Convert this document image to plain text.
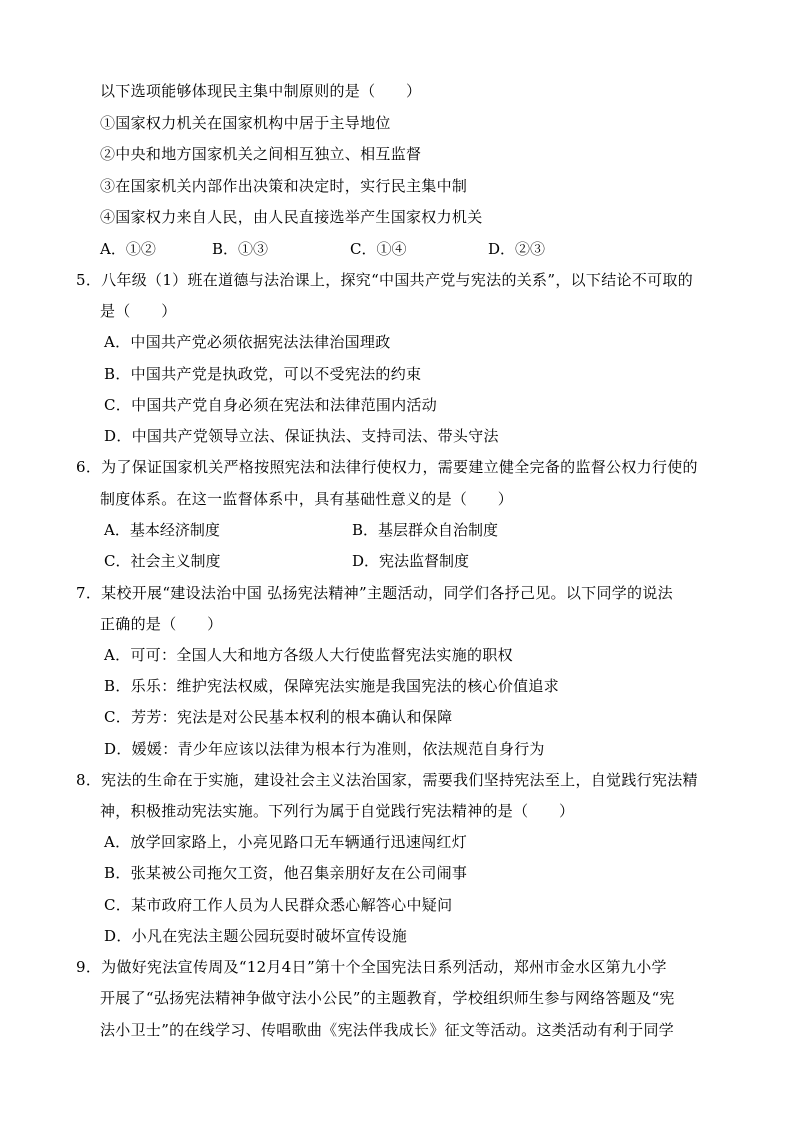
以下选项能够体现民主集中制原则的是（　　）
①国家权力机关在国家机构中居于主导地位
②中央和地方国家机关之间相互独立、相互监督
③在国家机关内部作出决策和决定时，实行民主集中制
④国家权力来自人民，由人民直接选举产生国家权力机关
A．①②	B．①③	C．①④	D．②③
5．八年级（1）班在道德与法治课上，探究“中国共产党与宪法的关系”，以下结论不可取的
是（　　）
A．中国共产党必须依据宪法法律治国理政
B．中国共产党是执政党，可以不受宪法的约束
C．中国共产党自身必须在宪法和法律范围内活动
D．中国共产党领导立法、保证执法、支持司法、带头守法
6．为了保证国家机关严格按照宪法和法律行使权力，需要建立健全完备的监督公权力行使的
制度体系。在这一监督体系中，具有基础性意义的是（　　）
A．基本经济制度	B．基层群众自治制度
C．社会主义制度	D．宪法监督制度
7．某校开展“建设法治中国 弘扬宪法精神”主题活动，同学们各抒己见。以下同学的说法
正确的是（　　）
A．可可：全国人大和地方各级人大行使监督宪法实施的职权
B．乐乐：维护宪法权威，保障宪法实施是我国宪法的核心价值追求
C．芳芳：宪法是对公民基本权利的根本确认和保障
D．媛媛：青少年应该以法律为根本行为准则，依法规范自身行为
8．宪法的生命在于实施，建设社会主义法治国家，需要我们坚持宪法至上，自觉践行宪法精
神，积极推动宪法实施。下列行为属于自觉践行宪法精神的是（　　）
A．放学回家路上，小亮见路口无车辆通行迅速闯红灯
B．张某被公司拖欠工资，他召集亲朋好友在公司闹事
C．某市政府工作人员为人民群众悉心解答心中疑问
D．小凡在宪法主题公园玩耍时破坏宣传设施
9．为做好宪法宣传周及“12月4日”第十个全国宪法日系列活动，郑州市金水区第九小学
开展了“弘扬宪法精神争做守法小公民”的主题教育，学校组织师生参与网络答题及“宪
法小卫士”的在线学习、传唱歌曲《宪法伴我成长》征文等活动。这类活动有利于同学
